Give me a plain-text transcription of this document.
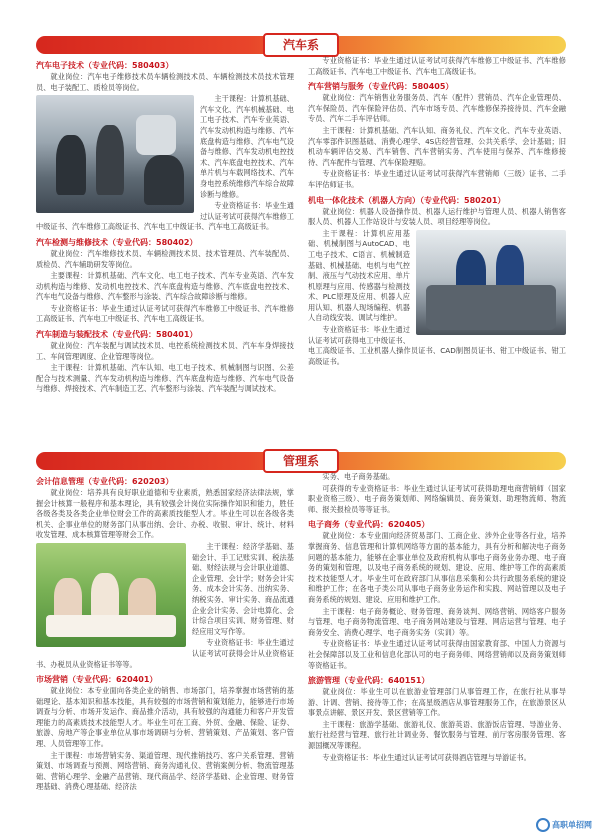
汽车系
汽车电子技术（专业代码：580403）

就业岗位：汽车电子维修技术员车辆检测技术员、车辆检测技术员技术管理员、电子装配工、质检员等岗位。

主干课程：计算机基础、汽车文化、汽车机械基础、电工电子技术、汽车专业英语、汽车发动机构造与维修、汽车底盘构造与维修、汽车电气设备与维修、汽车发动机电控技术、汽车底盘电控技术、汽车单片机与车载网络技术、汽车身电控系统维修汽车综合故障诊断与维修。

专业资格证书：毕业生通过认证考试可获得汽车维修工中级证书、汽车维修工高级证书、汽车电工中级证书、汽车电工高级证书。

汽车检测与维修技术（专业代码：580402）

就业岗位：汽车维修技术员、车辆检测技术员、技术管理员、汽车装配员、质检员、汽车辅助研发等岗位。

主要课程：计算机基础、汽车文化、电工电子技术、汽车专业英语、汽车发动机构造与维修、发动机电控技术、汽车底盘构造与维修、汽车底盘电控技术、汽车电气设备与维修、汽车整形与涂装、汽车综合故障诊断与维修。

专业资格证书：毕业生通过认证考试可获得汽车维修工中级证书、汽车维修工高级证书、汽车电工中级证书、汽车电工高级证书。

汽车制造与装配技术（专业代码：580401）

就业岗位：汽车装配与调试技术员、电控系统检测技术员、汽车车身焊接技工、车间管理调度、企业管理等岗位。

主干课程：计算机基础、汽车认知、电工电子技术、机械制图与识图、公差配合与技术测量、汽车发动机构造与维修、汽车底盘构造与维修、汽车电气设备与维修、焊接技术、汽车制造工艺、汽车整形与涂装、汽车装配与调试技术。

专业资格证书：毕业生通过认证考试可获得汽车维修工中级证书、汽车维修工高级证书、汽车电工中级证书、汽车电工高级证书。

汽车营销与服务（专业代码：580405）

就业岗位：汽车销售业务服务员、汽车（配件）营销员、汽车企业管理员、汽车保险员、汽车保险评估员、汽车市场专员、汽车维修保养接待员、汽车金融专员、汽车二手车评估师。

主干课程：计算机基础、汽车认知、商务礼仪、汽车文化、汽车专业英语、汽车零部件识图基础、消费心理学、4S店经营管理、公共关系学、会计基础；旧机动车辆评估交易、汽车销售、汽车营销实务、汽车使用与保养、汽车维修接待、汽车配件与管理、汽车保险理赔。

专业资格证书：毕业生通过认证考试可获得汽车营销师（三级）证书、二手车评估师证书。

机电一体化技术（机器人方向）（专业代码：580201）

就业岗位：机器人设备操作员、机器人运行维护与管理人员、机器人销售客服人员、机器人工作站设计与安装人员、项目经理等岗位。

主干课程：计算机应用基础、机械制图与AutoCAD、电工电子技术、C语言、机械制造基础、机械基础、电机与电气控制、液压与气动技术应用、单片机原理与应用、传感器与检测技术、PLC原理及应用、机器人应用认知、机器人现场编程、机器人自动线安装、调试与维护。

专业资格证书：毕业生通过认证考试可获得电工中级证书、电工高级证书、工业机器人操作员证书、CAD制图员证书、钳工中级证书、钳工高级证书。

管理系
会计信息管理（专业代码：620203）

就业岗位：培养具有良好职业道德和专业素质，熟悉国家经济法律法规，掌握会计核算一般程序和基本理论，具有较强会计岗位实际操作知识和能力，胜任各级各类及各类企业单位财会工作的高素质技能型人才。毕业生可以在各级各类机关、企事业单位的财务部门从事出纳、会计、办税、收银、审计、统计、材料收发管理、成本核算管理等财会工作。

主干课程：经济学基础、基础会计、手工记账实训、税法基础、财经法规与会计职业道德、企业管理、会计学；财务会计实务、成本会计实务、出纳实务、纳税实务、审计实务、商品流通企业会计实务、会计电算化、会计综合项目实训、财务管理、财经应用文写作等。

专业资格证书：毕业生通过认证考试可获得会计从业资格证书、办税员从业资格证书等等。

市场营销（专业代码：620401）

就业岗位：本专业面向各类企业的销售、市场部门，培养掌握市场营销的基础理论、基本知识和基本技能，具有较强的市场营销和策划能力，能够进行市场调查与分析、市场开发运作、商品推介活动，具有较强的沟通能力和客户开发管理能力的高素质技术技能型人才。毕业生可在工商、外贸、金融、保险、证券、旅游、房地产等企事业单位从事市场调研与分析、营销策划、产品策划、客户管理、人员管理等工作。

主干课程：市场营销实务、渠道管理、现代推销技巧、客户关系管理、营销策划、市场调查与预测、网络营销、商务沟通礼仪、营销案例分析、物流管理基础、营销心理学、金融产品营销、现代商品学、经济学基础、企业管理、财务管理基础、消费心理基础、经济法

实务、电子商务基础。

可获得的专业资格证书：毕业生通过认证考试可获得助理电商营销师（国家职业资格三级）、电子商务策划师、网络编辑员、商务策划、助理物流师、物流师、报关报检员等等证书。

电子商务（专业代码：620405）

就业岗位：本专业面向经济贸易部门、工商企业、涉外企业等各行业，培养掌握商务、信息管理和计算机网络等方面的基本能力，具有分析和解决电子商务问题的基本能力，能够在企事业单位及政府机构从事电子商务业务办理、电子商务的策划和管理，以及电子商务系统的规划、建设、应用、维护等工作的高素质技术技能型人才。毕业生可在政府部门从事信息采集和公共行政服务系统的建设和维护工作；在各电子类公司从事电子商务业务运作和实践、网站管理以及电子商务系统的规划、建设、应用和维护工作。

主干课程：电子商务概论、财务管理、商务谈判、网络营销、网络客户服务与管理、电子商务物流管理、电子商务网站建设与管理、网店运营与管理、电子商务安全、消费心理学、电子商务实务（实训）等。

专业资格证书：毕业生通过认证考试可获得由国家教育部、中国人力资源与社会保障部以及工业和信息化部认可的电子商务师、网络营销师以及商务策划师等资格证书。

旅游管理（专业代码：640151）

就业岗位：毕业生可以在旅游业管理部门从事管理工作，在旅行社从事导游、计调、营销、接待等工作；在高星级酒店从事管理服务工作，在旅游景区从事景点讲解、景区开发、景区营销等工作。

主干课程：旅游学基础、旅游礼仪、旅游英语、旅游饭店管理、导游业务、旅行社经营与管理、旅行社计调业务、餐饮服务与管理、前厅客房服务管理、客源国概况等课程。

专业资格证书：毕业生通过认证考试可获得酒店管理与导游证书。

高职单招网
